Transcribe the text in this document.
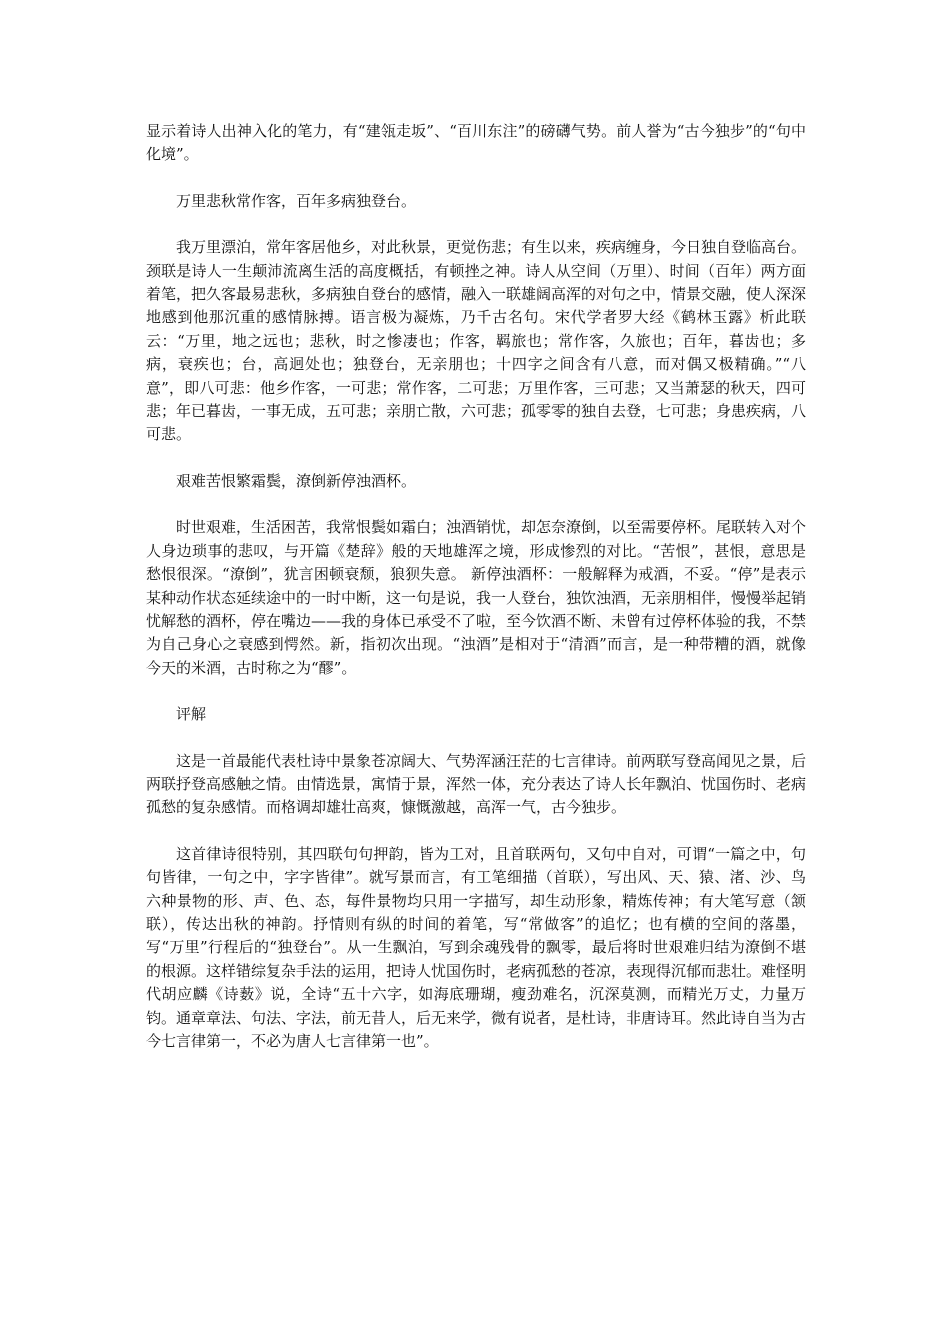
显示着诗人出神入化的笔力，有“建瓴走坂”、“百川东注”的磅礴气势。前人誉为“古今独步”的“句中化境”。

万里悲秋常作客，百年多病独登台。

我万里漂泊，常年客居他乡，对此秋景，更觉伤悲；有生以来，疾病缠身，今日独自登临高台。颈联是诗人一生颠沛流离生活的高度概括，有顿挫之神。诗人从空间（万里）、时间（百年）两方面着笔，把久客最易悲秋，多病独自登台的感情，融入一联雄阔高浑的对句之中，情景交融，使人深深地感到他那沉重的感情脉搏。语言极为凝炼，乃千古名句。宋代学者罗大经《鹤林玉露》析此联云：“万里，地之远也；悲秋，时之惨凄也；作客，羁旅也；常作客，久旅也；百年，暮齿也；多病，衰疾也；台，高迥处也；独登台，无亲朋也；十四字之间含有八意，而对偶又极精确。”“八意”，即八可悲：他乡作客，一可悲；常作客，二可悲；万里作客，三可悲；又当萧瑟的秋天，四可悲；年已暮齿，一事无成，五可悲；亲朋亡散，六可悲；孤零零的独自去登，七可悲；身患疾病，八可悲。

艰难苦恨繁霜鬓，潦倒新停浊酒杯。

时世艰难，生活困苦，我常恨鬓如霜白；浊酒销忧，却怎奈潦倒，以至需要停杯。尾联转入对个人身边琐事的悲叹，与开篇《楚辞》般的天地雄浑之境，形成惨烈的对比。“苦恨”，甚恨，意思是愁恨很深。“潦倒”，犹言困顿衰颓，狼狈失意。 新停浊酒杯：一般解释为戒酒，不妥。“停”是表示某种动作状态延续途中的一时中断，这一句是说，我一人登台，独饮浊酒，无亲朋相伴，慢慢举起销忧解愁的酒杯，停在嘴边——我的身体已承受不了啦，至今饮酒不断、未曾有过停杯体验的我，不禁为自己身心之衰感到愕然。新，指初次出现。“浊酒”是相对于“清酒”而言，是一种带糟的酒，就像今天的米酒，古时称之为“醪”。

评解

这是一首最能代表杜诗中景象苍凉阔大、气势浑涵汪茫的七言律诗。前两联写登高闻见之景，后两联抒登高感触之情。由情选景，寓情于景，浑然一体，充分表达了诗人长年飘泊、忧国伤时、老病孤愁的复杂感情。而格调却雄壮高爽，慷慨激越，高浑一气，古今独步。

这首律诗很特别，其四联句句押韵，皆为工对，且首联两句，又句中自对，可谓“一篇之中，句句皆律，一句之中，字字皆律”。就写景而言，有工笔细描（首联），写出风、天、猿、渚、沙、鸟六种景物的形、声、色、态，每件景物均只用一字描写，却生动形象，精炼传神；有大笔写意（颔联），传达出秋的神韵。抒情则有纵的时间的着笔，写“常做客”的追忆；也有横的空间的落墨，写“万里”行程后的“独登台”。从一生飘泊，写到余魂残骨的飘零，最后将时世艰难归结为潦倒不堪的根源。这样错综复杂手法的运用，把诗人忧国伤时，老病孤愁的苍凉，表现得沉郁而悲壮。难怪明代胡应麟《诗薮》说，全诗“五十六字，如海底珊瑚，瘦劲难名，沉深莫测，而精光万丈，力量万钧。通章章法、句法、字法，前无昔人，后无来学，微有说者，是杜诗，非唐诗耳。然此诗自当为古今七言律第一，不必为唐人七言律第一也”。
